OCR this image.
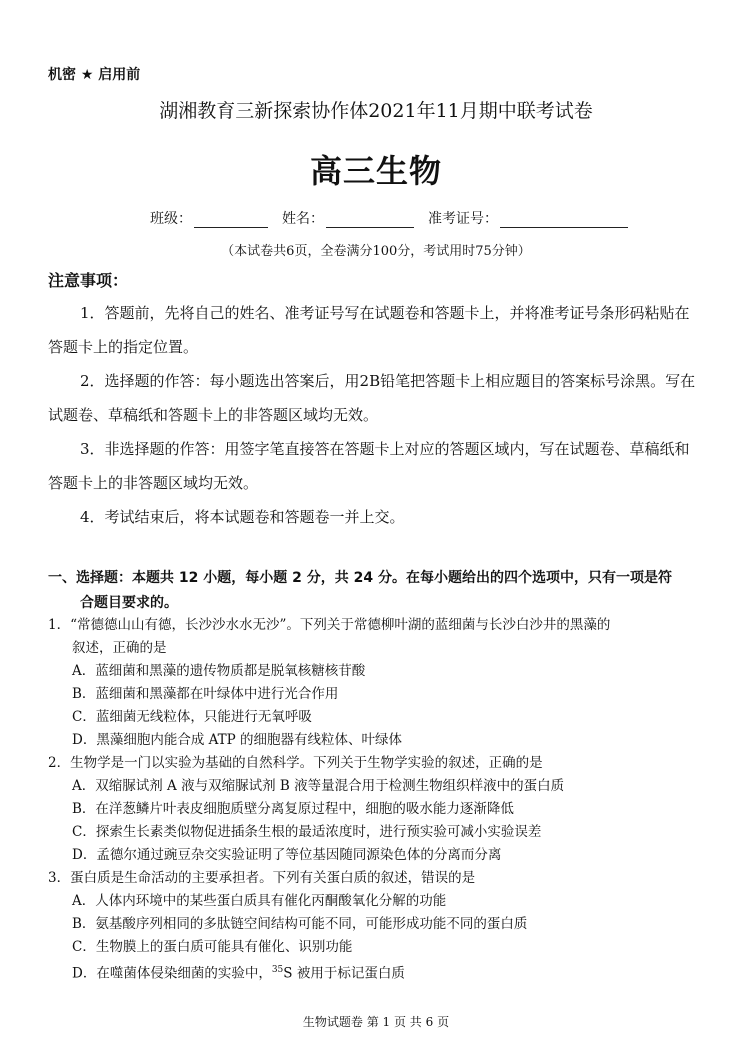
机密 ★ 启用前
湖湘教育三新探索协作体2021年11月期中联考试卷
高三生物
班级：	姓名：	准考证号：
（本试卷共6页，全卷满分100分，考试用时75分钟）
注意事项：
1．答题前，先将自己的姓名、准考证号写在试题卷和答题卡上，并将准考证号条形码粘贴在答题卡上的指定位置。
2．选择题的作答：每小题选出答案后，用2B铅笔把答题卡上相应题目的答案标号涂黑。写在试题卷、草稿纸和答题卡上的非答题区域均无效。
3．非选择题的作答：用签字笔直接答在答题卡上对应的答题区域内，写在试题卷、草稿纸和答题卡上的非答题区域均无效。
4．考试结束后，将本试题卷和答题卷一并上交。
一、选择题：本题共 12 小题，每小题 2 分，共 24 分。在每小题给出的四个选项中，只有一项是符
合题目要求的。
1．“常德德山山有德，长沙沙水水无沙”。下列关于常德柳叶湖的蓝细菌与长沙白沙井的黑藻的
叙述，正确的是
A．蓝细菌和黑藻的遗传物质都是脱氧核糖核苷酸
B．蓝细菌和黑藻都在叶绿体中进行光合作用
C．蓝细菌无线粒体，只能进行无氧呼吸
D．黑藻细胞内能合成 ATP 的细胞器有线粒体、叶绿体
2．生物学是一门以实验为基础的自然科学。下列关于生物学实验的叙述，正确的是
A．双缩脲试剂 A 液与双缩脲试剂 B 液等量混合用于检测生物组织样液中的蛋白质
B．在洋葱鳞片叶表皮细胞质壁分离复原过程中，细胞的吸水能力逐渐降低
C．探索生长素类似物促进插条生根的最适浓度时，进行预实验可减小实验误差
D．孟德尔通过豌豆杂交实验证明了等位基因随同源染色体的分离而分离
3．蛋白质是生命活动的主要承担者。下列有关蛋白质的叙述，错误的是
A．人体内环境中的某些蛋白质具有催化丙酮酸氧化分解的功能
B．氨基酸序列相同的多肽链空间结构可能不同，可能形成功能不同的蛋白质
C．生物膜上的蛋白质可能具有催化、识别功能
D．在噬菌体侵染细菌的实验中，$^{35}$S 被用于标记蛋白质
生物试题卷 第 1 页 共 6 页
